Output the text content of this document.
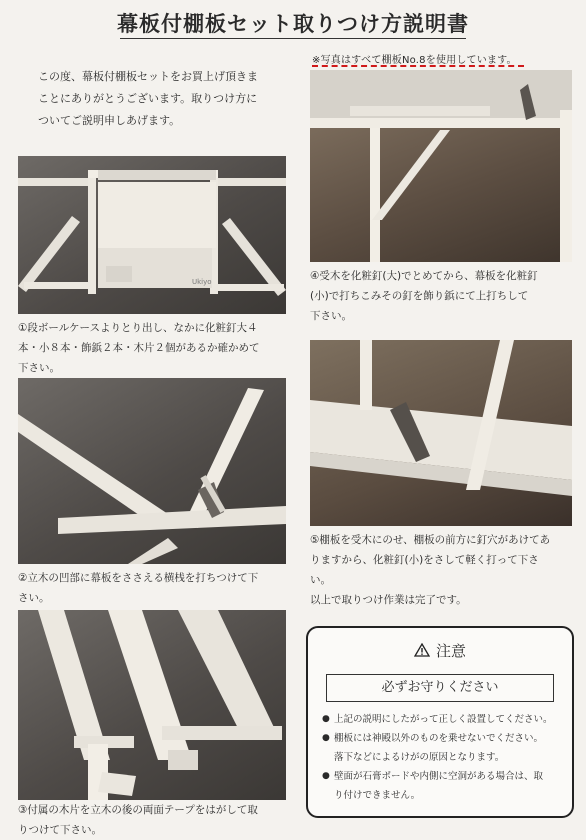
幕板付棚板セット取りつけ方説明書
この度、幕板付棚板セットをお買上げ頂きま
ことにありがとうございます。取りつけ方に
ついてご説明申しあげます。
※写真はすべて棚板No.8を使用しています。
Ukiyo
①段ボールケースよりとり出し、なかに化粧釘大４
本・小８本・飾鋲２本・木片２個があるか確かめて
下さい。
②立木の凹部に幕板をささえる横桟を打ちつけて下
さい。
③付属の木片を立木の後の両面テープをはがして取
りつけて下さい。
④受木を化粧釘(大)でとめてから、幕板を化粧釘
(小)で打ちこみその釘を飾り鋲にて上打ちして
下さい。
⑤棚板を受木にのせ、棚板の前方に釘穴があけてあ
りますから、化粧釘(小)をさして軽く打って下さ
い。
以上で取りつけ作業は完了です。
注意
必ずお守りください
● 上記の説明にしたがって正しく設置してください。
● 棚板には神殿以外のものを乗せないでください。
落下などによるけがの原因となります。
● 壁面が石膏ボードや内側に空洞がある場合は、取
り付けできません。
